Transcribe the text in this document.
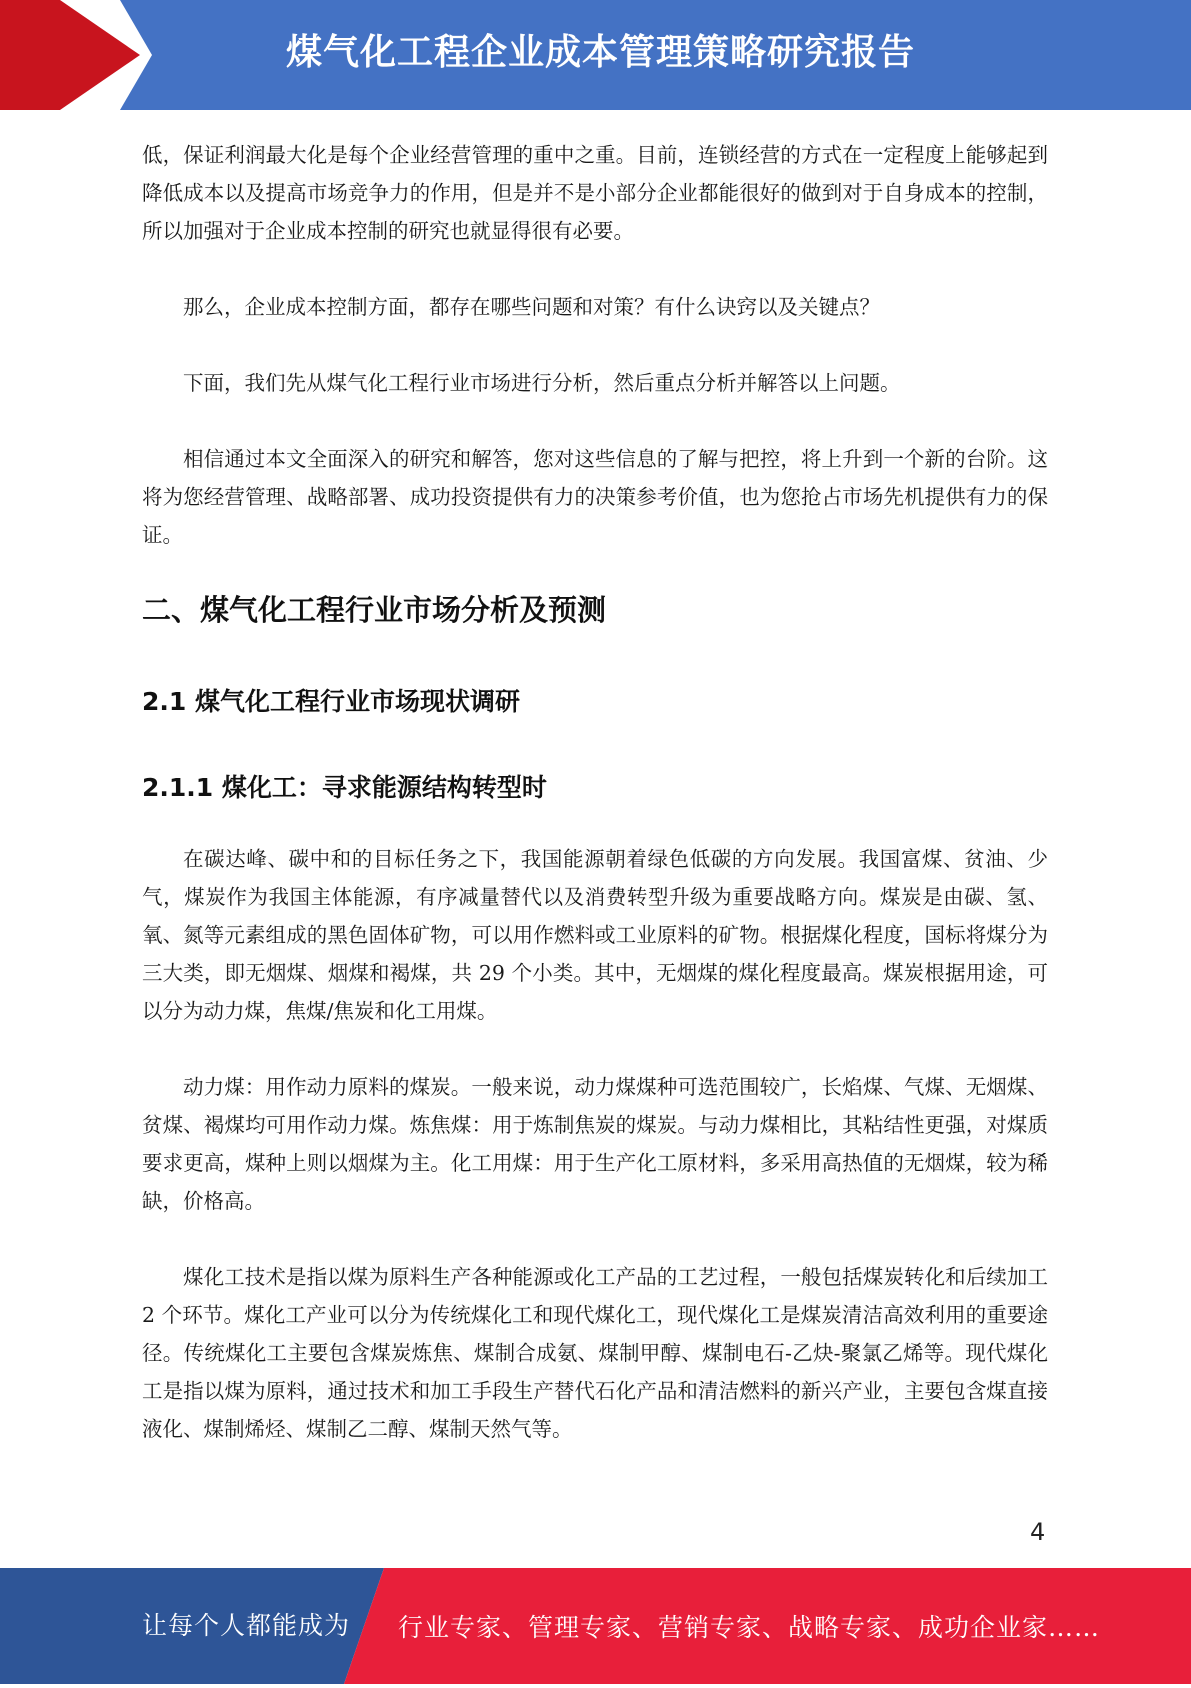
煤气化工程企业成本管理策略研究报告

低，保证利润最大化是每个企业经营管理的重中之重。目前，连锁经营的方式在一定程度上能够起到降低成本以及提高市场竞争力的作用，但是并不是小部分企业都能很好的做到对于自身成本的控制，所以加强对于企业成本控制的研究也就显得很有必要。

那么，企业成本控制方面，都存在哪些问题和对策？有什么诀窍以及关键点？

下面，我们先从煤气化工程行业市场进行分析，然后重点分析并解答以上问题。

相信通过本文全面深入的研究和解答，您对这些信息的了解与把控，将上升到一个新的台阶。这将为您经营管理、战略部署、成功投资提供有力的决策参考价值，也为您抢占市场先机提供有力的保证。

二、煤气化工程行业市场分析及预测
2.1 煤气化工程行业市场现状调研
2.1.1 煤化工：寻求能源结构转型时

在碳达峰、碳中和的目标任务之下，我国能源朝着绿色低碳的方向发展。我国富煤、贫油、少气，煤炭作为我国主体能源，有序减量替代以及消费转型升级为重要战略方向。煤炭是由碳、氢、氧、氮等元素组成的黑色固体矿物，可以用作燃料或工业原料的矿物。根据煤化程度，国标将煤分为三大类，即无烟煤、烟煤和褐煤，共 29 个小类。其中，无烟煤的煤化程度最高。煤炭根据用途，可以分为动力煤，焦煤/焦炭和化工用煤。

动力煤：用作动力原料的煤炭。一般来说，动力煤煤种可选范围较广，长焰煤、气煤、无烟煤、贫煤、褐煤均可用作动力煤。炼焦煤：用于炼制焦炭的煤炭。与动力煤相比，其粘结性更强，对煤质要求更高，煤种上则以烟煤为主。化工用煤：用于生产化工原材料，多采用高热值的无烟煤，较为稀缺，价格高。

煤化工技术是指以煤为原料生产各种能源或化工产品的工艺过程，一般包括煤炭转化和后续加工 2 个环节。煤化工产业可以分为传统煤化工和现代煤化工，现代煤化工是煤炭清洁高效利用的重要途径。传统煤化工主要包含煤炭炼焦、煤制合成氨、煤制甲醇、煤制电石-乙炔-聚氯乙烯等。现代煤化工是指以煤为原料，通过技术和加工手段生产替代石化产品和清洁燃料的新兴产业，主要包含煤直接液化、煤制烯烃、煤制乙二醇、煤制天然气等。

4
让每个人都能成为 行业专家、管理专家、营销专家、战略专家、成功企业家……
